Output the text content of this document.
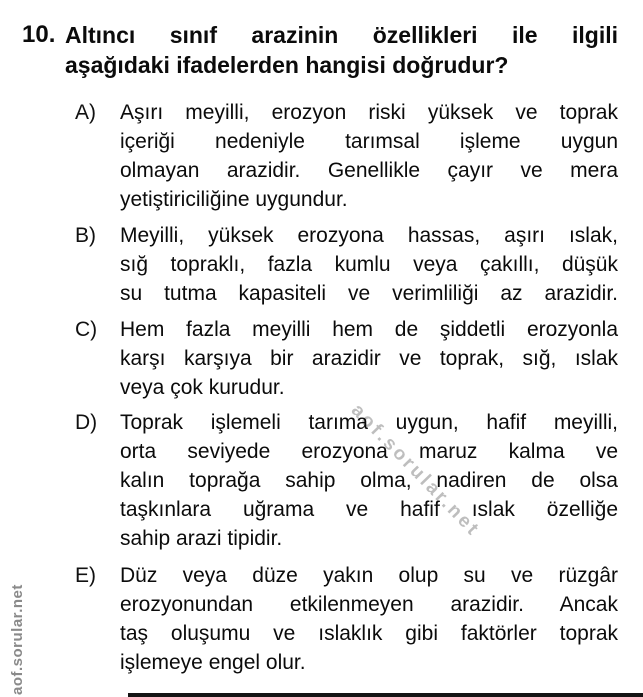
aof.sorular.net
aof.sorular.net
10. Altıncı sınıf arazinin özellikleri ile ilgili
aşağıdaki ifadelerden hangisi doğrudur?
A) Aşırı meyilli, erozyon riski yüksek ve toprak
içeriği nedeniyle tarımsal işleme uygun
olmayan arazidir. Genellikle çayır ve mera
yetiştiriciliğine uygundur.
B) Meyilli, yüksek erozyona hassas, aşırı ıslak,
sığ topraklı, fazla kumlu veya çakıllı, düşük
su tutma kapasiteli ve verimliliği az arazidir.
C) Hem fazla meyilli hem de şiddetli erozyonla
karşı karşıya bir arazidir ve toprak, sığ, ıslak
veya çok kurudur.
D) Toprak işlemeli tarıma uygun, hafif meyilli,
orta seviyede erozyona maruz kalma ve
kalın toprağa sahip olma, nadiren de olsa
taşkınlara uğrama ve hafif ıslak özelliğe
sahip arazi tipidir.
E) Düz veya düze yakın olup su ve rüzgâr
erozyonundan etkilenmeyen arazidir. Ancak
taş oluşumu ve ıslaklık gibi faktörler toprak
işlemeye engel olur.
